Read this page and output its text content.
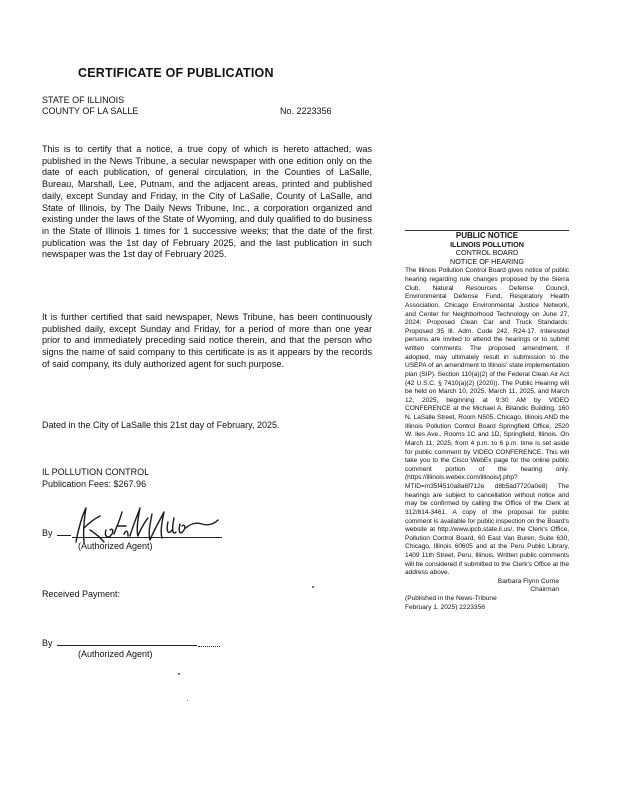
CERTIFICATE OF PUBLICATION
STATE OF ILLINOIS
COUNTY OF LA SALLE	No. 2223356
This is to certify that a notice, a true copy of which is hereto attached, was published in the News Tribune, a secular newspaper with one edition only on the date of each publication, of general circulation, in the Counties of LaSalle, Bureau, Marshall, Lee, Putnam, and the adjacent areas, printed and published daily, except Sunday and Friday, in the City of LaSalle, County of LaSalle, and State of Illinois, by The Daily News Tribune, Inc., a corporation organized and existing under the laws of the State of Wyoming, and duly qualified to do business in the State of Illinois 1 times for 1 successive weeks; that the date of the first publication was the 1st day of February 2025, and the last publication in such newspaper was the 1st day of February 2025.
It is further certified that said newspaper, News Tribune, has been continuously published daily, except Sunday and Friday, for a period of more than one year prior to and immediately preceding said notice therein, and that the person who signs the name of said company to this certificate is as it appears by the records of said company, its duly authorized agent for such purpose.
Dated in the City of LaSalle this 21st day of February, 2025.
IL POLLUTION CONTROL
Publication Fees: $267.96
By
(Authorized Agent)
Received Payment:
By
(Authorized Agent)
PUBLIC NOTICE
ILLINOIS POLLUTION
CONTROL BOARD
NOTICE OF HEARING
The Illinois Pollution Control Board gives notice of public hearing regarding rule changes proposed by the Sierra Club, Natural Resources Defense Council, Environmental Defense Fund, Respiratory Health Association, Chicago Environmental Justice Network, and Center for Neighborhood Technology on June 27, 2024: Proposed Clean Car and Truck Standards: Proposed 35 Ill. Adm. Code 242, R24-17. Interested persons are invited to attend the hearings or to submit written comments. The proposed amendment, if adopted, may ultimately result in submission to the USEPA of an amendment to Illinois' state implementation plan (SIP). Section 110(a)(2) of the Federal Clean Air Act (42 U.S.C. § 7410(a)(2) (2020)). The Public Hearing will be held on March 10, 2025, March 11, 2025, and March 12, 2025, beginning at 9:30 AM by VIDEO CONFERENCE at the Michael A. Bilandic Building, 160 N. LaSalle Street, Room N505, Chicago, Illinois AND the Illinois Pollution Control Board Springfield Office, 2520 W. Iles Ave., Rooms 1C and 1D, Springfield, Illinois. On March 11, 2025, from 4 p.m. to 6 p.m. time is set aside for public comment by VIDEO CONFERENCE. This will take you to the Cisco WebEx page for the online public comment portion of the hearing only. (https://illinois.webex.com/illinois/j.php?MTID=m35f4510a8a6f712e d8b5ad7720a0e8) The hearings are subject to cancellation without notice and may be confirmed by calling the Office of the Clerk at 312/814-3461. A copy of the proposal for public comment is available for public inspection on the Board's website at http://www.ipcb.state.il.us/, the Clerk's Office, Pollution Control Board, 60 East Van Buren, Suite 630, Chicago, Illinois 60605 and at the Peru Public Library, 1409 11th Street, Peru, Illinois. Written public comments will be considered if submitted to the Clerk's Office at the address above.
Barbara Flynn Currie
Chairman
(Published in the News-Tribune
February 1, 2025) 2223356
